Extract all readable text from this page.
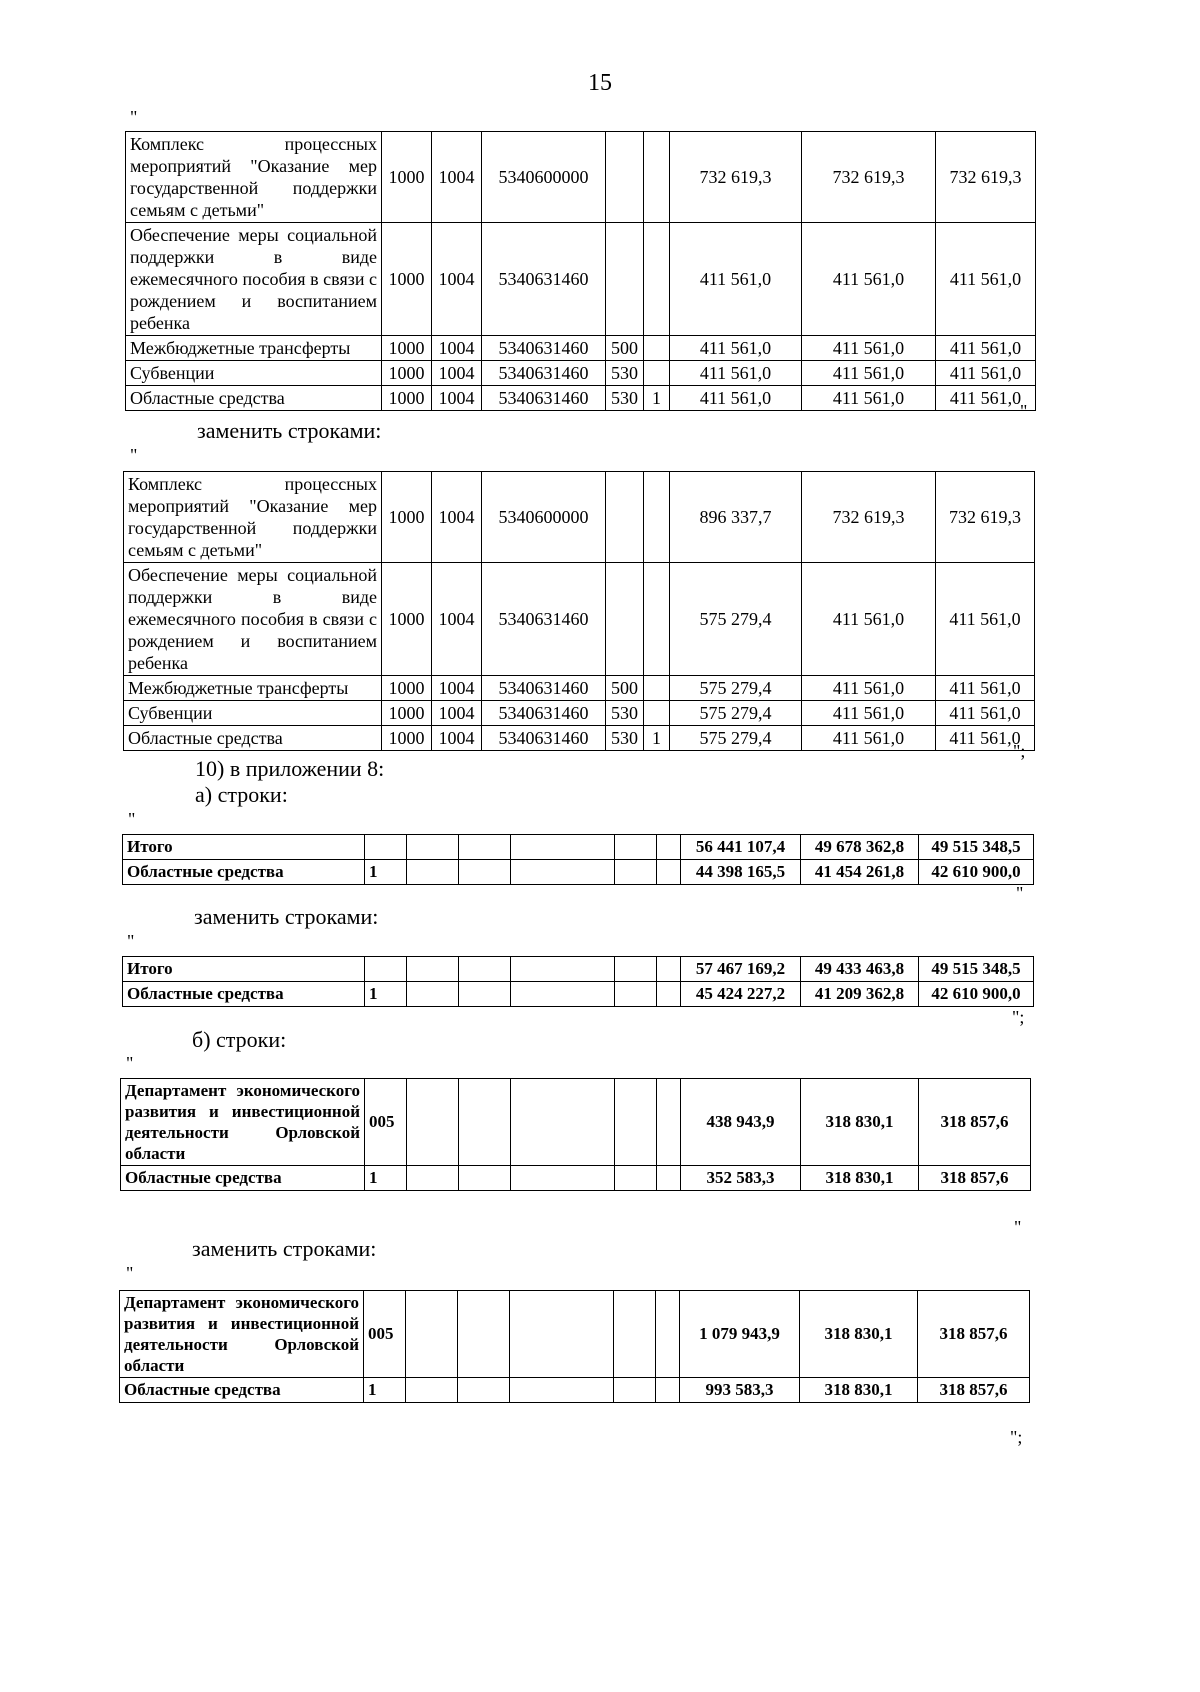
15
"
Комплекс процессных мероприятий "Оказание мер государственной поддержки семьям с детьми"	1000	1004	5340600000			732 619,3	732 619,3	732 619,3
Обеспечение меры социальной поддержки в виде ежемесячного пособия в связи с рождением и воспитанием ребенка	1000	1004	5340631460			411 561,0	411 561,0	411 561,0
Межбюджетные трансферты	1000	1004	5340631460	500		411 561,0	411 561,0	411 561,0
Субвенции	1000	1004	5340631460	530		411 561,0	411 561,0	411 561,0
Областные средства	1000	1004	5340631460	530	1	411 561,0	411 561,0	411 561,0
"
заменить строками:
"
Комплекс процессных мероприятий "Оказание мер государственной поддержки семьям с детьми"	1000	1004	5340600000			896 337,7	732 619,3	732 619,3
Обеспечение меры социальной поддержки в виде ежемесячного пособия в связи с рождением и воспитанием ребенка	1000	1004	5340631460			575 279,4	411 561,0	411 561,0
Межбюджетные трансферты	1000	1004	5340631460	500		575 279,4	411 561,0	411 561,0
Субвенции	1000	1004	5340631460	530		575 279,4	411 561,0	411 561,0
Областные средства	1000	1004	5340631460	530	1	575 279,4	411 561,0	411 561,0
";
10) в приложении 8:
а) строки:
"
Итого							56 441 107,4	49 678 362,8	49 515 348,5
Областные средства	1						44 398 165,5	41 454 261,8	42 610 900,0
"
заменить строками:
"
Итого							57 467 169,2	49 433 463,8	49 515 348,5
Областные средства	1						45 424 227,2	41 209 362,8	42 610 900,0
";
б) строки:
"
Департамент экономического развития и инвестиционной деятельности Орловской области	005						438 943,9	318 830,1	318 857,6
Областные средства	1						352 583,3	318 830,1	318 857,6
"
заменить строками:
"
Департамент экономического развития и инвестиционной деятельности Орловской области	005						1 079 943,9	318 830,1	318 857,6
Областные средства	1						993 583,3	318 830,1	318 857,6
";
